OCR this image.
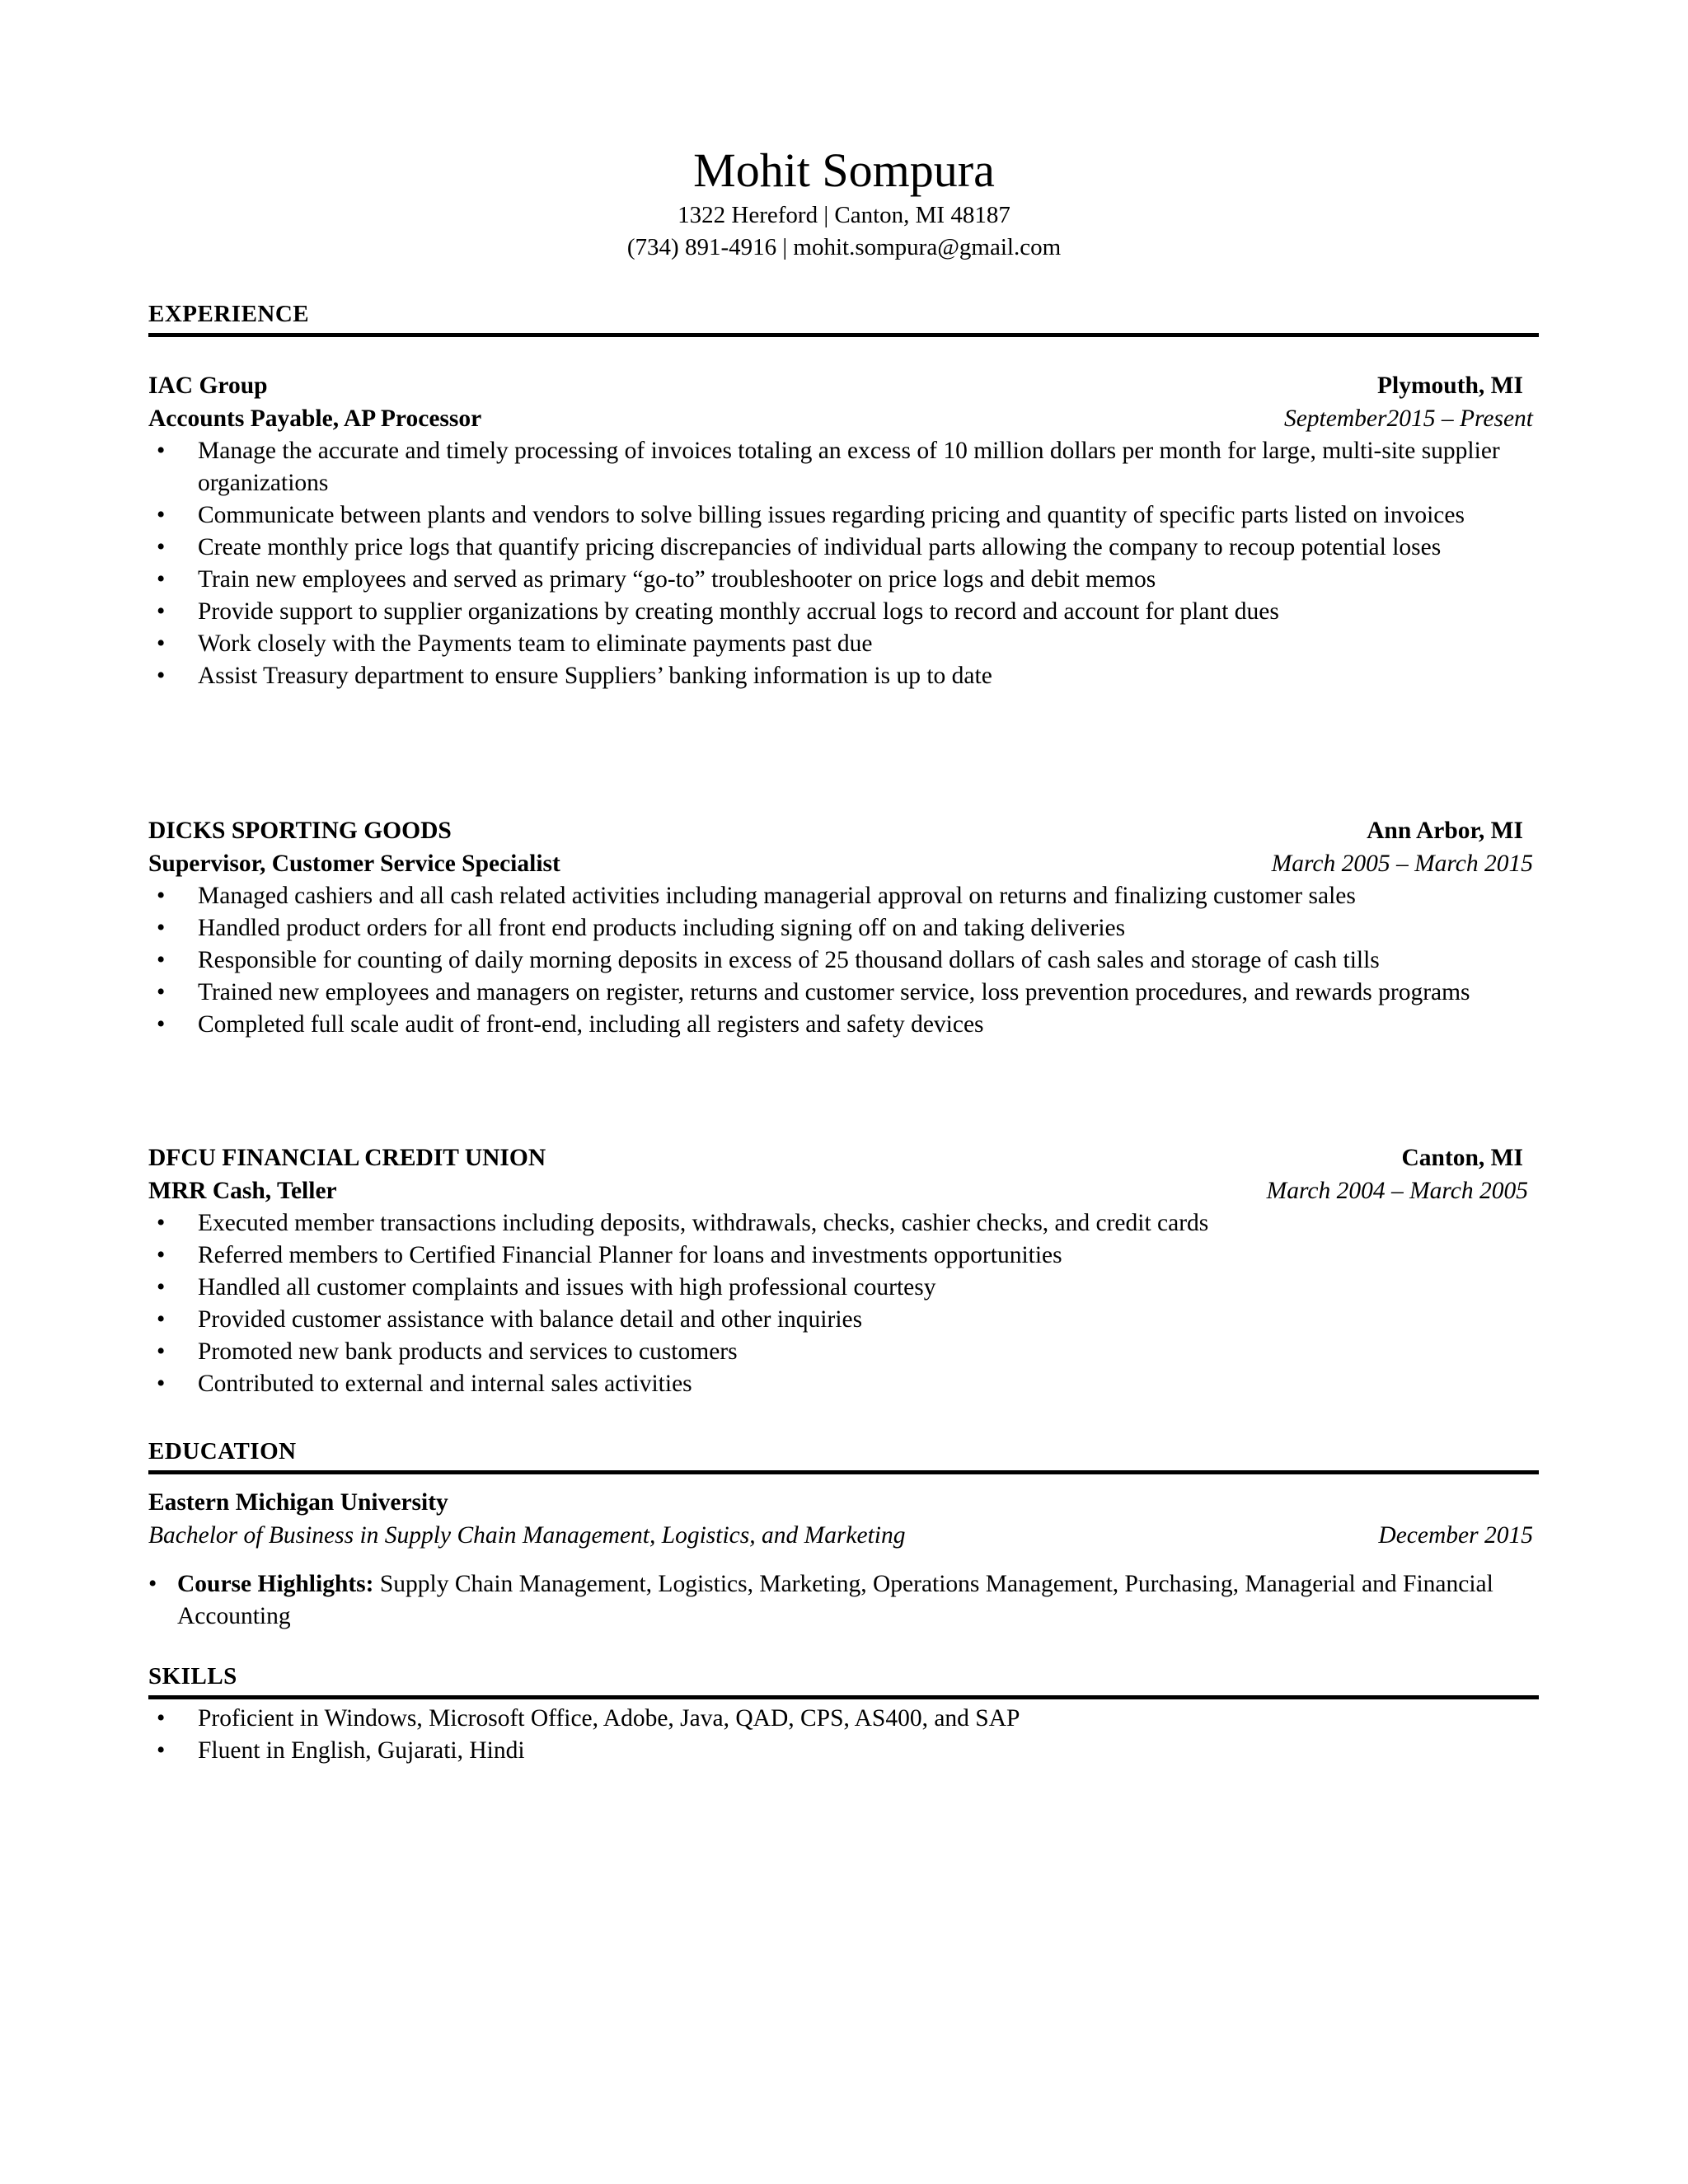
Mohit Sompura
1322 Hereford | Canton, MI 48187
(734) 891-4916 | mohit.sompura@gmail.com
EXPERIENCE
IAC Group	Plymouth, MI
Accounts Payable, AP Processor	September2015 – Present
• Manage the accurate and timely processing of invoices totaling an excess of 10 million dollars per month for large, multi-site supplier organizations
• Communicate between plants and vendors to solve billing issues regarding pricing and quantity of specific parts listed on invoices
• Create monthly price logs that quantify pricing discrepancies of individual parts allowing the company to recoup potential loses
• Train new employees and served as primary “go-to” troubleshooter on price logs and debit memos
• Provide support to supplier organizations by creating monthly accrual logs to record and account for plant dues
• Work closely with the Payments team to eliminate payments past due
• Assist Treasury department to ensure Suppliers’ banking information is up to date
DICKS SPORTING GOODS	Ann Arbor, MI
Supervisor, Customer Service Specialist	March 2005 – March 2015
• Managed cashiers and all cash related activities including managerial approval on returns and finalizing customer sales
• Handled product orders for all front end products including signing off on and taking deliveries
• Responsible for counting of daily morning deposits in excess of 25 thousand dollars of cash sales and storage of cash tills
• Trained new employees and managers on register, returns and customer service, loss prevention procedures, and rewards programs
• Completed full scale audit of front-end, including all registers and safety devices
DFCU FINANCIAL CREDIT UNION	Canton, MI
MRR Cash, Teller	March 2004 – March 2005
• Executed member transactions including deposits, withdrawals, checks, cashier checks, and credit cards
• Referred members to Certified Financial Planner for loans and investments opportunities
• Handled all customer complaints and issues with high professional courtesy
• Provided customer assistance with balance detail and other inquiries
• Promoted new bank products and services to customers
• Contributed to external and internal sales activities
EDUCATION
Eastern Michigan University
Bachelor of Business in Supply Chain Management, Logistics, and Marketing	December 2015
• Course Highlights: Supply Chain Management, Logistics, Marketing, Operations Management, Purchasing, Managerial and Financial Accounting
SKILLS
• Proficient in Windows, Microsoft Office, Adobe, Java, QAD, CPS, AS400, and SAP
• Fluent in English, Gujarati, Hindi
